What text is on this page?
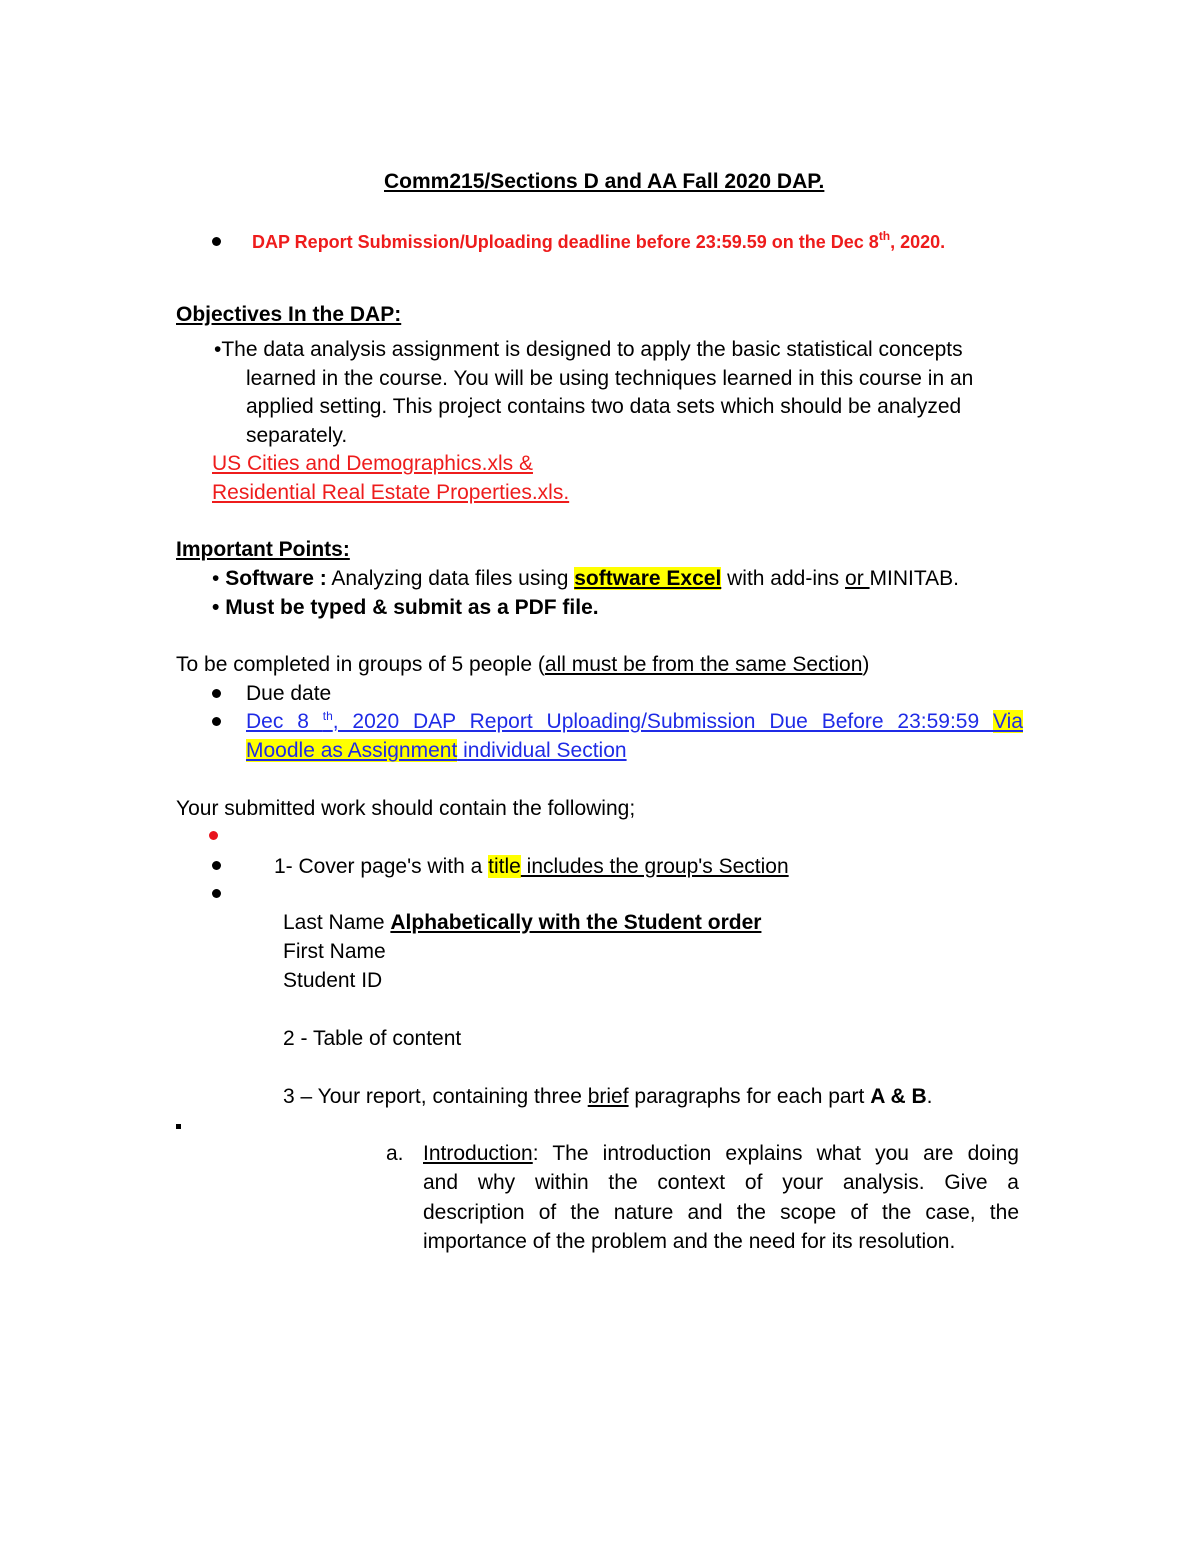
Comm215/Sections D and AA Fall 2020 DAP.
DAP Report Submission/Uploading deadline before 23:59.59 on the Dec 8th, 2020.
Objectives In the DAP:
•The data analysis assignment is designed to apply the basic statistical concepts
learned in the course. You will be using techniques learned in this course in an
applied setting. This project contains two data sets which should be analyzed
separately.
US Cities and Demographics.xls &
Residential Real Estate Properties.xls.
Important Points:
• Software : Analyzing data files using software Excel with add-ins or MINITAB.
• Must be typed & submit as a PDF file.
To be completed in groups of 5 people (all must be from the same Section)
Due date
Dec 8 $^{th}$, 2020 DAP Report Uploading/Submission Due Before 23:59:59 Via
Moodle as Assignment individual Section
Your submitted work should contain the following;
1- Cover page's with a title includes the group's Section
Last Name Alphabetically with the Student order
First Name
Student ID
2 - Table of content
3 – Your report, containing three brief paragraphs for each part A & B.
a. Introduction: The introduction explains what you are doing
and why within the context of your analysis. Give a
description of the nature and the scope of the case, the
importance of the problem and the need for its resolution.
